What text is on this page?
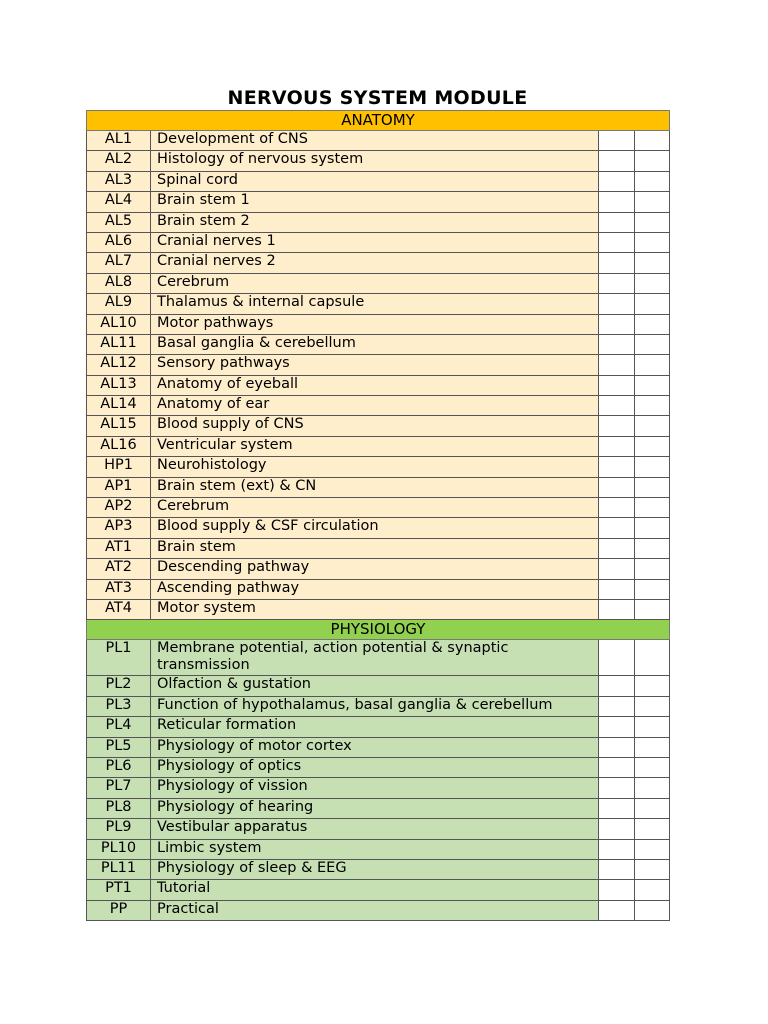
NERVOUS SYSTEM MODULE
ANATOMY			
AL1	Development of CNS		
AL2	Histology of nervous system		
AL3	Spinal cord		
AL4	Brain stem 1		
AL5	Brain stem 2		
AL6	Cranial nerves 1		
AL7	Cranial nerves 2		
AL8	Cerebrum		
AL9	Thalamus & internal capsule		
AL10	Motor pathways		
AL11	Basal ganglia & cerebellum		
AL12	Sensory pathways		
AL13	Anatomy of eyeball		
AL14	Anatomy of ear		
AL15	Blood supply of CNS		
AL16	Ventricular system		
HP1	Neurohistology		
AP1	Brain stem (ext) & CN		
AP2	Cerebrum		
AP3	Blood supply & CSF circulation		
AT1	Brain stem		
AT2	Descending pathway		
AT3	Ascending pathway		
AT4	Motor system		
PHYSIOLOGY			
PL1	Membrane potential, action potential & synaptic transmission		
PL2	Olfaction & gustation		
PL3	Function of hypothalamus, basal ganglia & cerebellum		
PL4	Reticular formation		
PL5	Physiology of motor cortex		
PL6	Physiology of optics		
PL7	Physiology of vission		
PL8	Physiology of hearing		
PL9	Vestibular apparatus		
PL10	Limbic system		
PL11	Physiology of sleep & EEG		
PT1	Tutorial		
PP	Practical		
